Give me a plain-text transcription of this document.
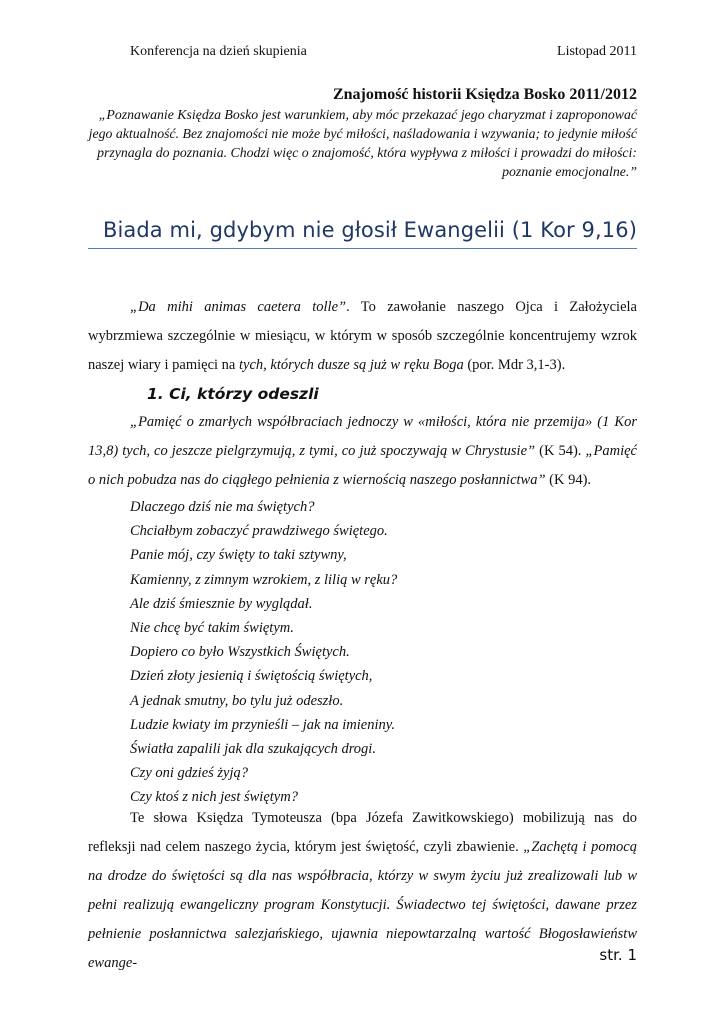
Konferencja na dzień skupienia	Listopad 2011
Znajomość historii Księdza Bosko 2011/2012
„Poznawanie Księdza Bosko jest warunkiem, aby móc przekazać jego charyzmat i zaproponować jego aktualność. Bez znajomości nie może być miłości, naśladowania i wzywania; to jedynie miłość przynagla do poznania. Chodzi więc o znajomość, która wypływa z miłości i prowadzi do miłości: poznanie emocjonalne.”
Biada mi, gdybym nie głosił Ewangelii (1 Kor 9,16)

„Da mihi animas caetera tolle”. To zawołanie naszego Ojca i Założyciela wybrzmiewa szczególnie w miesiącu, w którym w sposób szczególnie koncentrujemy wzrok naszej wiary i pamięci na tych, których dusze są już w ręku Boga (por. Mdr 3,1-3).

1. Ci, którzy odeszli

„Pamięć o zmarłych współbraciach jednoczy w «miłości, która nie przemija» (1 Kor 13,8) tych, co jeszcze pielgrzymują, z tymi, co już spoczywają w Chrystusie” (K 54). „Pamięć o nich pobudza nas do ciągłego pełnienia z wiernością naszego posłannictwa” (K 94).

Dlaczego dziś nie ma świętych?
Chciałbym zobaczyć prawdziwego świętego.
Panie mój, czy święty to taki sztywny,
Kamienny, z zimnym wzrokiem, z lilią w ręku?
Ale dziś śmiesznie by wyglądał.
Nie chcę być takim świętym.
Dopiero co było Wszystkich Świętych.
Dzień złoty jesienią i świętością świętych,
A jednak smutny, bo tylu już odeszło.
Ludzie kwiaty im przynieśli – jak na imieniny.
Światła zapalili jak dla szukających drogi.
Czy oni gdzieś żyją?
Czy ktoś z nich jest świętym?

Te słowa Księdza Tymoteusza (bpa Józefa Zawitkowskiego) mobilizują nas do refleksji nad celem naszego życia, którym jest świętość, czyli zbawienie. „Zachętą i pomocą na drodze do świętości są dla nas współbracia, którzy w swym życiu już zrealizowali lub w pełni realizują ewangeliczny program Konstytucji. Świadectwo tej świętości, dawane przez pełnienie posłannictwa salezjańskiego, ujawnia niepowtarzalną wartość Błogosławieństw ewange-	str. 1
